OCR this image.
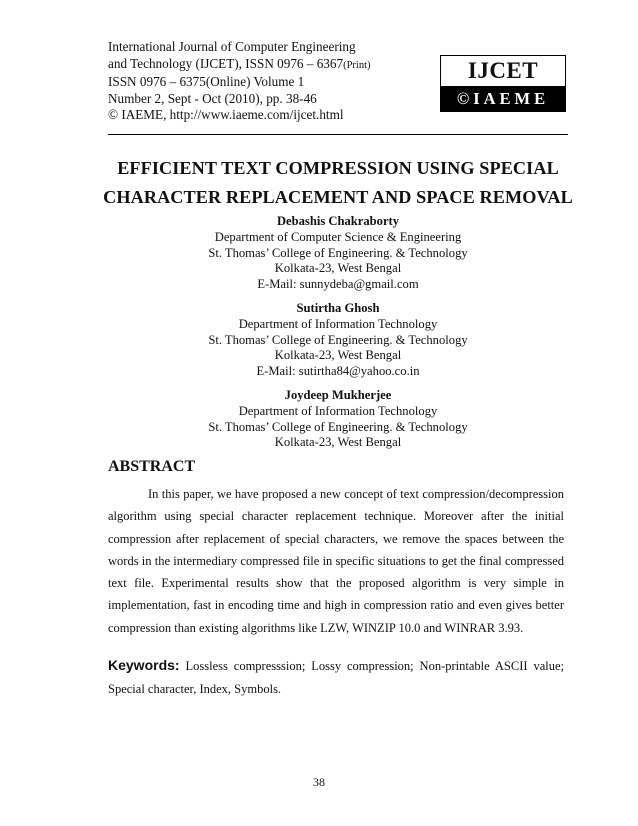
International Journal of Computer Engineering
and Technology (IJCET), ISSN 0976 – 6367(Print)
ISSN 0976 – 6375(Online) Volume 1
Number 2, Sept - Oct (2010), pp. 38-46
© IAEME, http://www.iaeme.com/ijcet.html
IJCET
©IAEME
EFFICIENT TEXT COMPRESSION USING SPECIAL
CHARACTER REPLACEMENT AND SPACE REMOVAL
Debashis Chakraborty
Department of Computer Science & Engineering
St. Thomas’ College of Engineering. & Technology
Kolkata-23, West Bengal
E-Mail: sunnydeba@gmail.com
Sutirtha Ghosh
Department of Information Technology
St. Thomas’ College of Engineering. & Technology
Kolkata-23, West Bengal
E-Mail: sutirtha84@yahoo.co.in
Joydeep Mukherjee
Department of Information Technology
St. Thomas’ College of Engineering. & Technology
Kolkata-23, West Bengal
ABSTRACT

In this paper, we have proposed a new concept of text compression/decompression algorithm using special character replacement technique. Moreover after the initial compression after replacement of special characters, we remove the spaces between the words in the intermediary compressed file in specific situations to get the final compressed text file. Experimental results show that the proposed algorithm is very simple in implementation, fast in encoding time and high in compression ratio and even gives better compression than existing algorithms like LZW, WINZIP 10.0 and WINRAR 3.93.

Keywords: Lossless compresssion; Lossy compression; Non-printable ASCII value; Special character, Index, Symbols.
38
